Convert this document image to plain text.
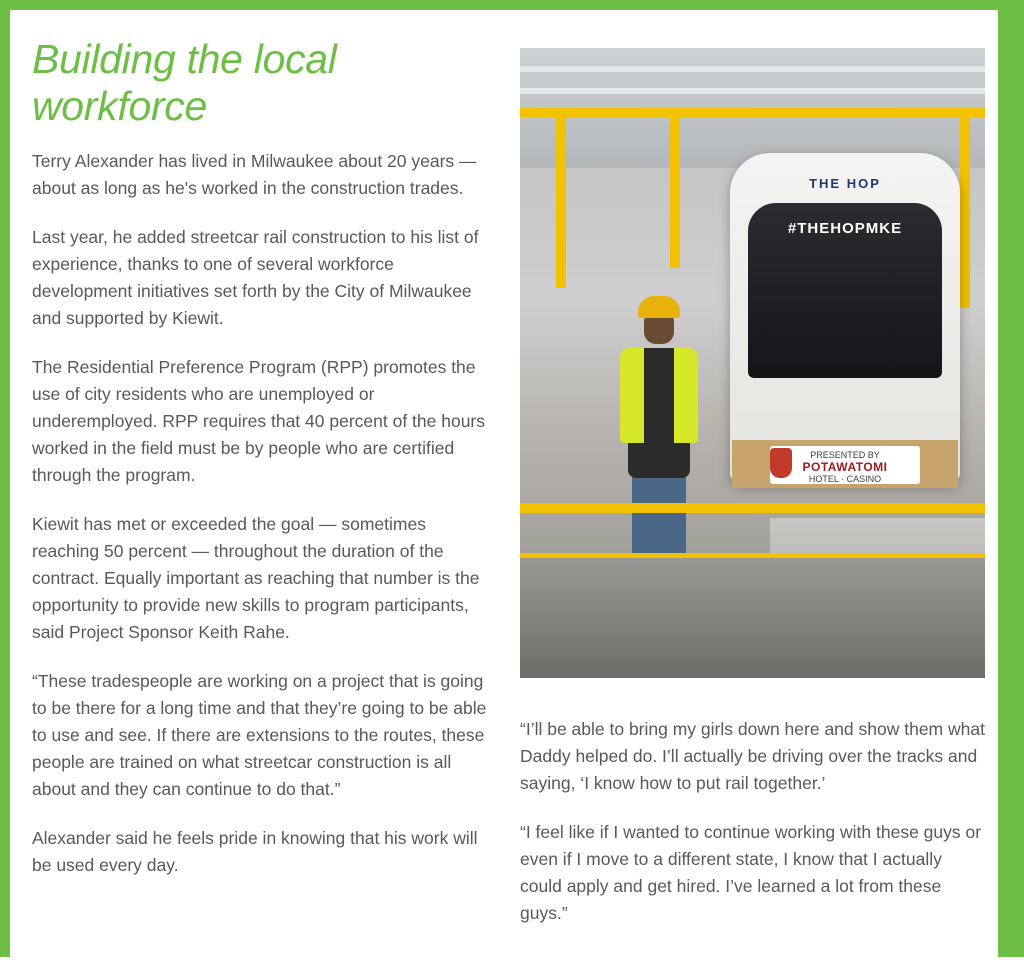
Building the local workforce

Terry Alexander has lived in Milwaukee about 20 years — about as long as he's worked in the construction trades.

Last year, he added streetcar rail construction to his list of experience, thanks to one of several workforce development initiatives set forth by the City of Milwaukee and supported by Kiewit.

The Residential Preference Program (RPP) promotes the use of city residents who are unemployed or underemployed. RPP requires that 40 percent of the hours worked in the field must be by people who are certified through the program.

Kiewit has met or exceeded the goal — sometimes reaching 50 percent — throughout the duration of the contract. Equally important as reaching that number is the opportunity to provide new skills to program participants, said Project Sponsor Keith Rahe.

“These tradespeople are working on a project that is going to be there for a long time and that they’re going to be able to use and see. If there are extensions to the routes, these people are trained on what streetcar construction is all about and they can continue to do that.”

Alexander said he feels pride in knowing that his work will be used every day.

THE HOP
#THEHOPMKE
PRESENTED BY
POTAWATOMI
HOTEL · CASINO

“I’ll be able to bring my girls down here and show them what Daddy helped do. I’ll actually be driving over the tracks and saying, ‘I know how to put rail together.’

“I feel like if I wanted to continue working with these guys or even if I move to a different state, I know that I actually could apply and get hired. I’ve learned a lot from these guys.”
